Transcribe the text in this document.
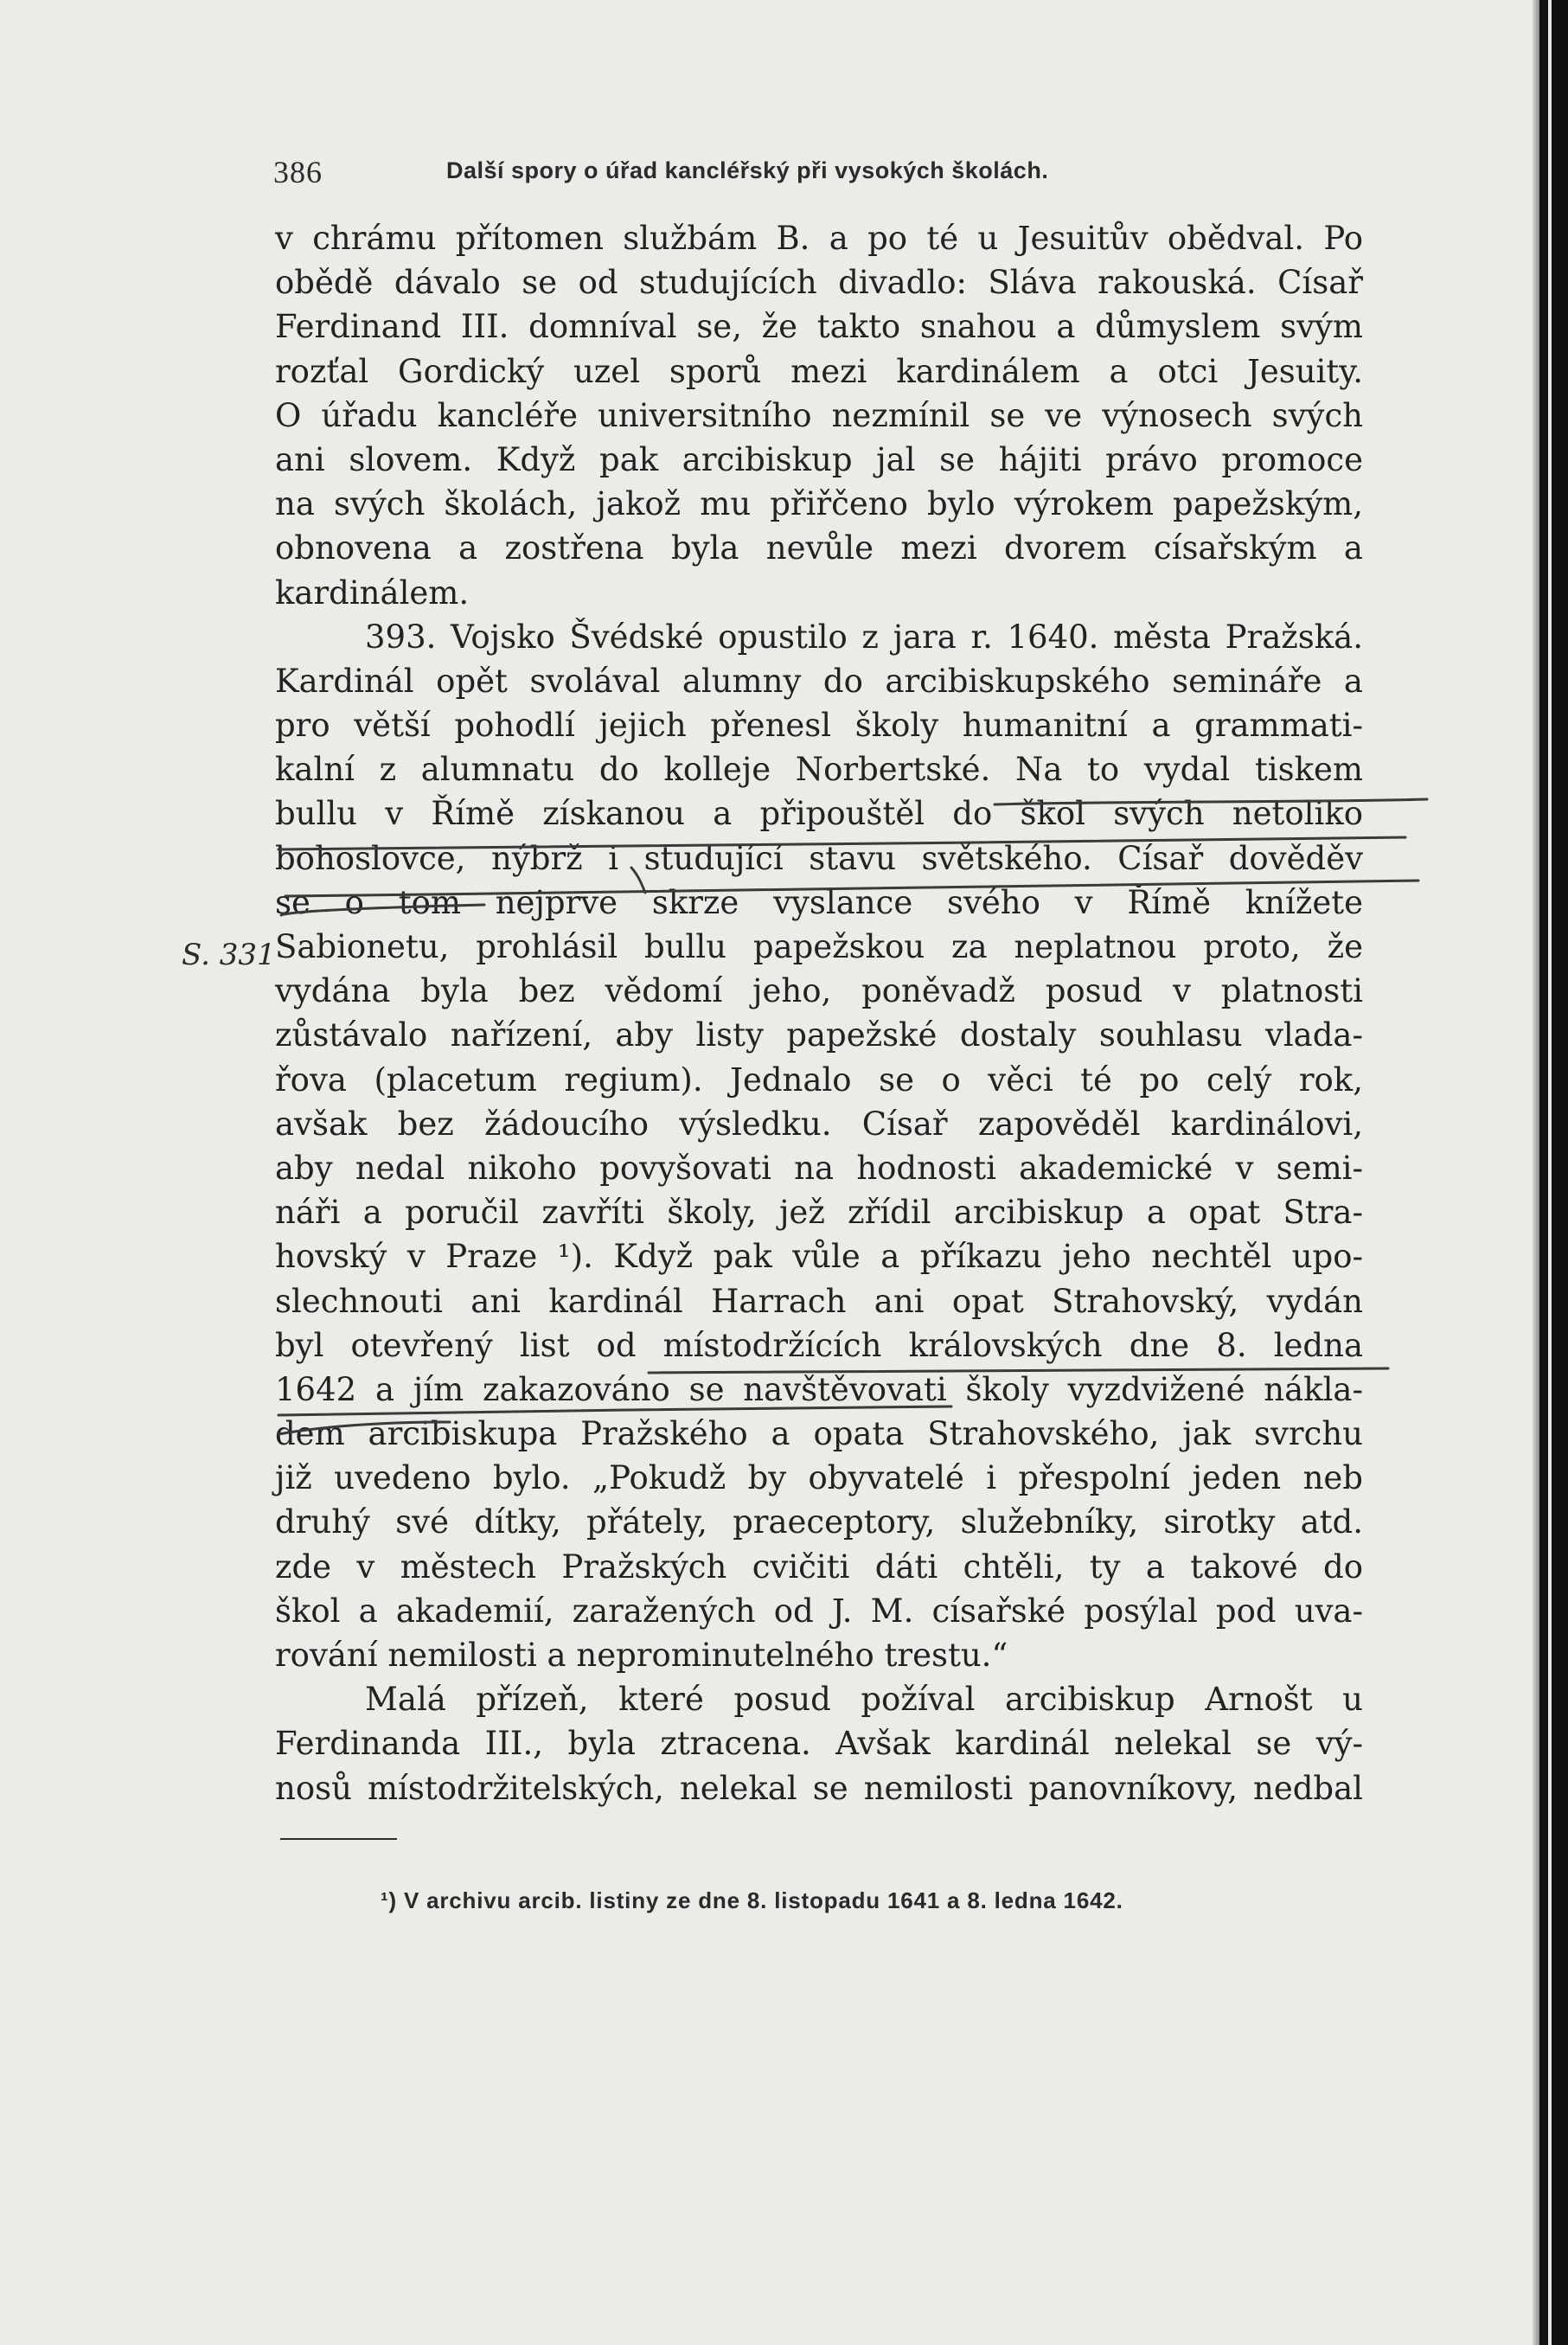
386	Další spory o úřad kancléřský při vysokých školách.
v chrámu přítomen službám B. a po té u Jesuitův obědval. Po
obědě dávalo se od studujících divadlo: Sláva rakouská. Císař
Ferdinand III. domníval se, že takto snahou a důmyslem svým
rozťal Gordický uzel sporů mezi kardinálem a otci Jesuity.
O úřadu kancléře universitního nezmínil se ve výnosech svých
ani slovem. Když pak arcibiskup jal se hájiti právo promoce
na svých školách, jakož mu přiřčeno bylo výrokem papežským,
obnovena a zostřena byla nevůle mezi dvorem císařským a
kardinálem.
393. Vojsko Švédské opustilo z jara r. 1640. města Pražská.
Kardinál opět svolával alumny do arcibiskupského semináře a
pro větší pohodlí jejich přenesl školy humanitní a grammati-
kalní z alumnatu do kolleje Norbertské. Na to vydal tiskem
bullu v Římě získanou a připouštěl do škol svých netoliko
bohoslovce, nýbrž i studující stavu světského. Císař dověděv
se o tom nejprve skrze vyslance svého v Římě knížete
Sabionetu, prohlásil bullu papežskou za neplatnou proto, že
vydána byla bez vědomí jeho, poněvadž posud v platnosti
zůstávalo nařízení, aby listy papežské dostaly souhlasu vlada-
řova (placetum regium). Jednalo se o věci té po celý rok,
avšak bez žádoucího výsledku. Císař zapověděl kardinálovi,
aby nedal nikoho povyšovati na hodnosti akademické v semi-
náři a poručil zavříti školy, jež zřídil arcibiskup a opat Stra-
hovský v Praze ¹). Když pak vůle a příkazu jeho nechtěl upo-
slechnouti ani kardinál Harrach ani opat Strahovský, vydán
byl otevřený list od místodržících královských dne 8. ledna
1642 a jím zakazováno se navštěvovati školy vyzdvižené nákla-
dem arcibiskupa Pražského a opata Strahovského, jak svrchu
již uvedeno bylo. „Pokudž by obyvatelé i přespolní jeden neb
druhý své dítky, přátely, praeceptory, služebníky, sirotky atd.
zde v městech Pražských cvičiti dáti chtěli, ty a takové do
škol a akademií, zaražených od J. M. císařské posýlal pod uva-
rování nemilosti a neprominutelného trestu.“
Malá přízeň, které posud požíval arcibiskup Arnošt u
Ferdinanda III., byla ztracena. Avšak kardinál nelekal se vý-
nosů místodržitelských, nelekal se nemilosti panovníkovy, nedbal
S. 331
¹) V archivu arcib. listiny ze dne 8. listopadu 1641 a 8. ledna 1642.
